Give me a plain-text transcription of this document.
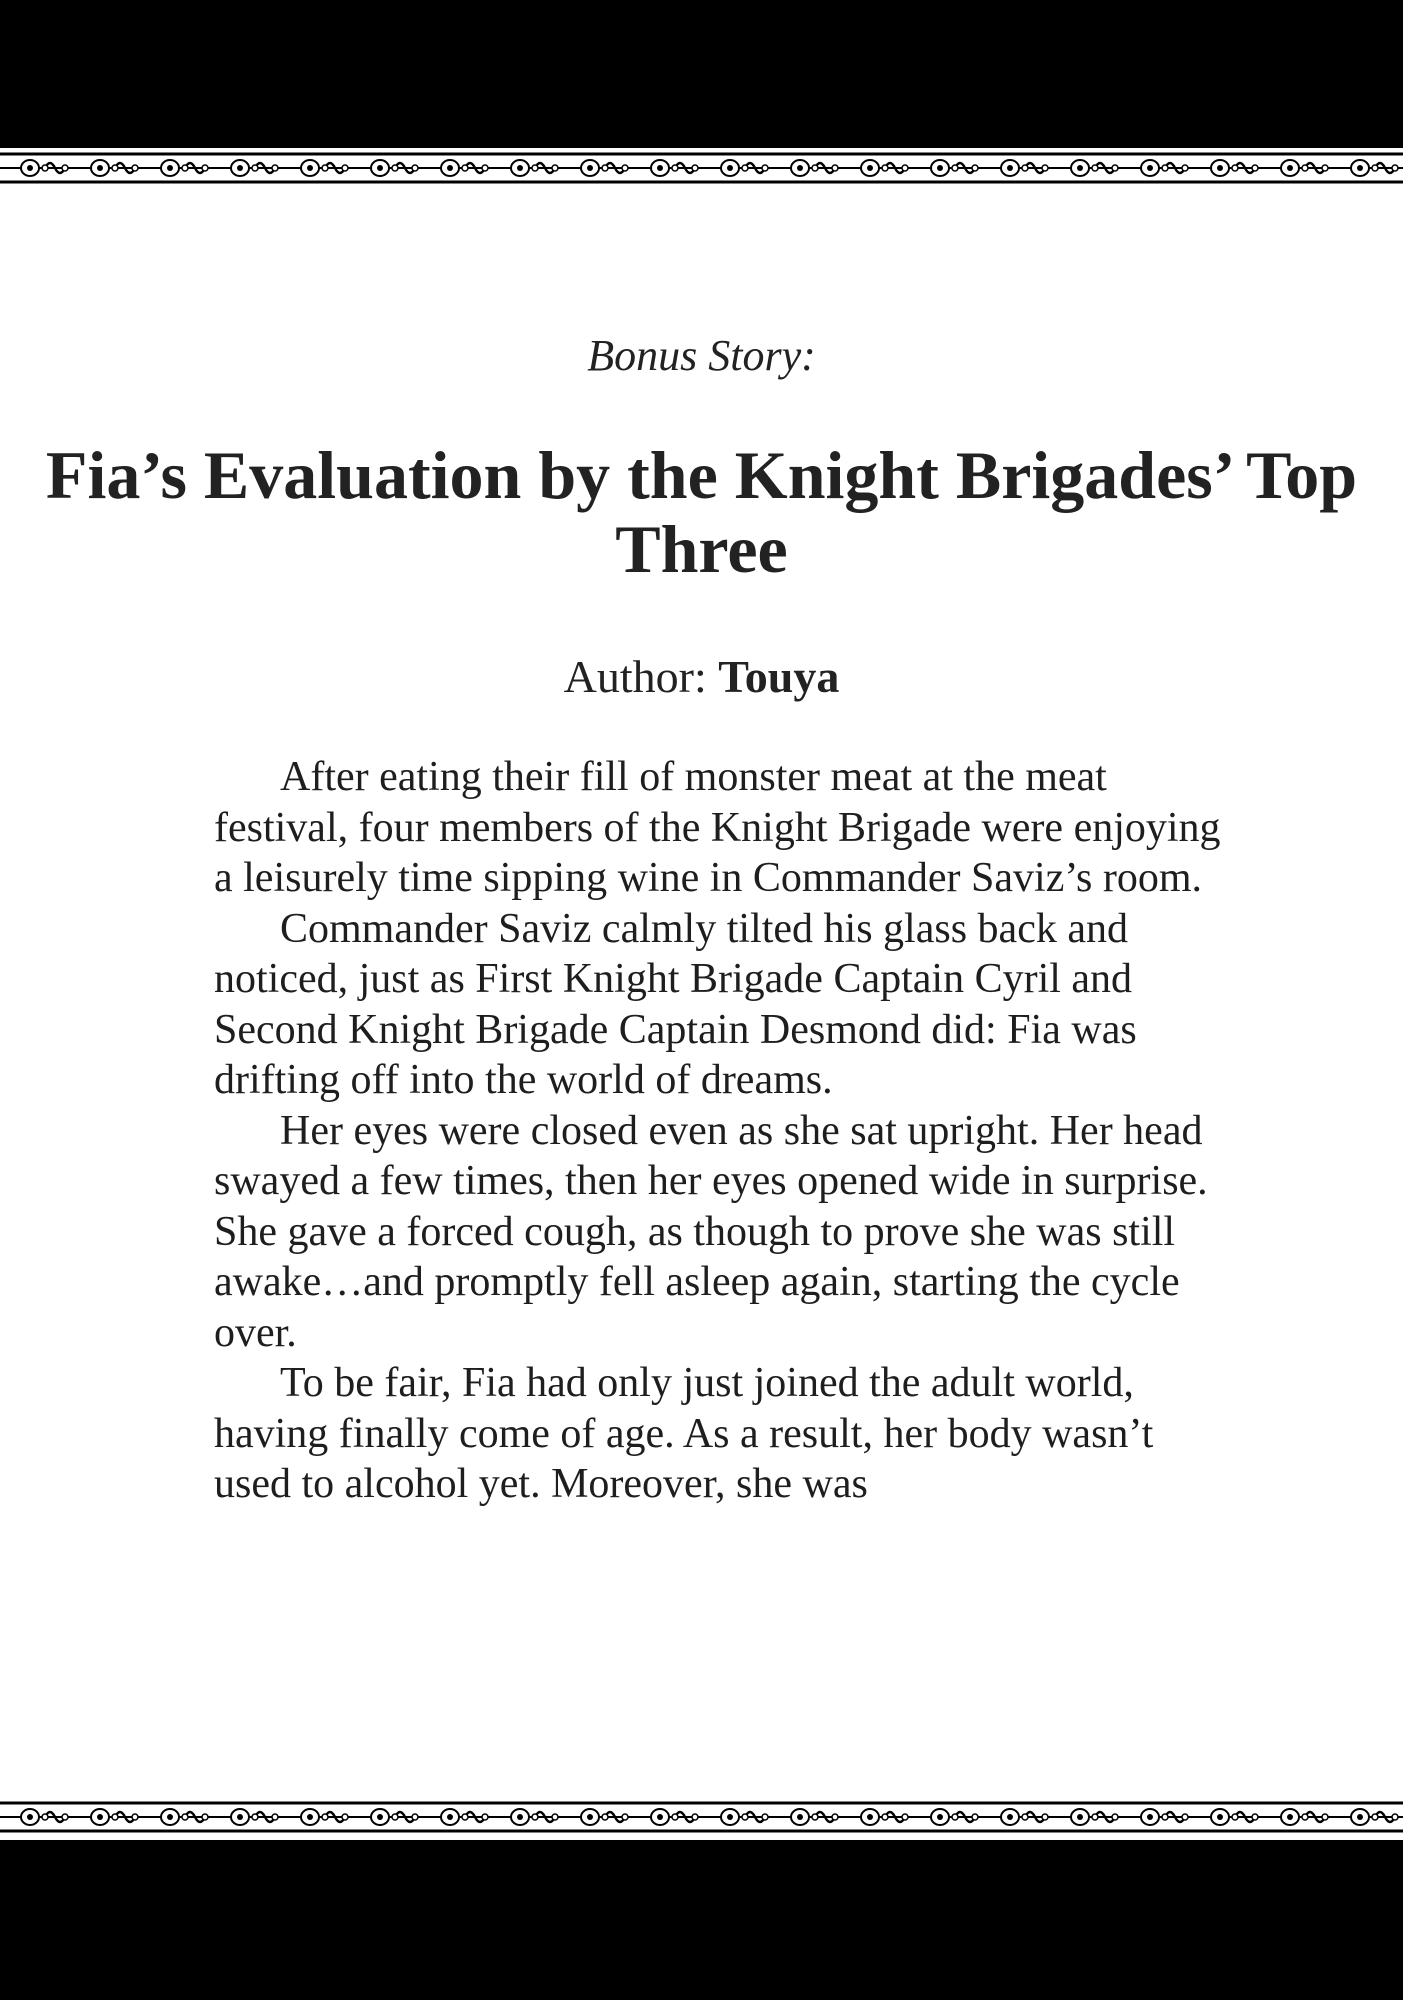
Bonus Story:
Fia’s Evaluation by the Knight Brigades’ Top Three
Author: Touya

After eating their fill of monster meat at the meat festival, four members of the Knight Brigade were enjoying a leisurely time sipping wine in Commander Saviz’s room.

Commander Saviz calmly tilted his glass back and noticed, just as First Knight Brigade Captain Cyril and Second Knight Brigade Captain Desmond did: Fia was drifting off into the world of dreams.

Her eyes were closed even as she sat upright. Her head swayed a few times, then her eyes opened wide in surprise. She gave a forced cough, as though to prove she was still awake…and promptly fell asleep again, starting the cycle over.

To be fair, Fia had only just joined the adult world, having finally come of age. As a result, her body wasn’t used to alcohol yet. Moreover, she was
